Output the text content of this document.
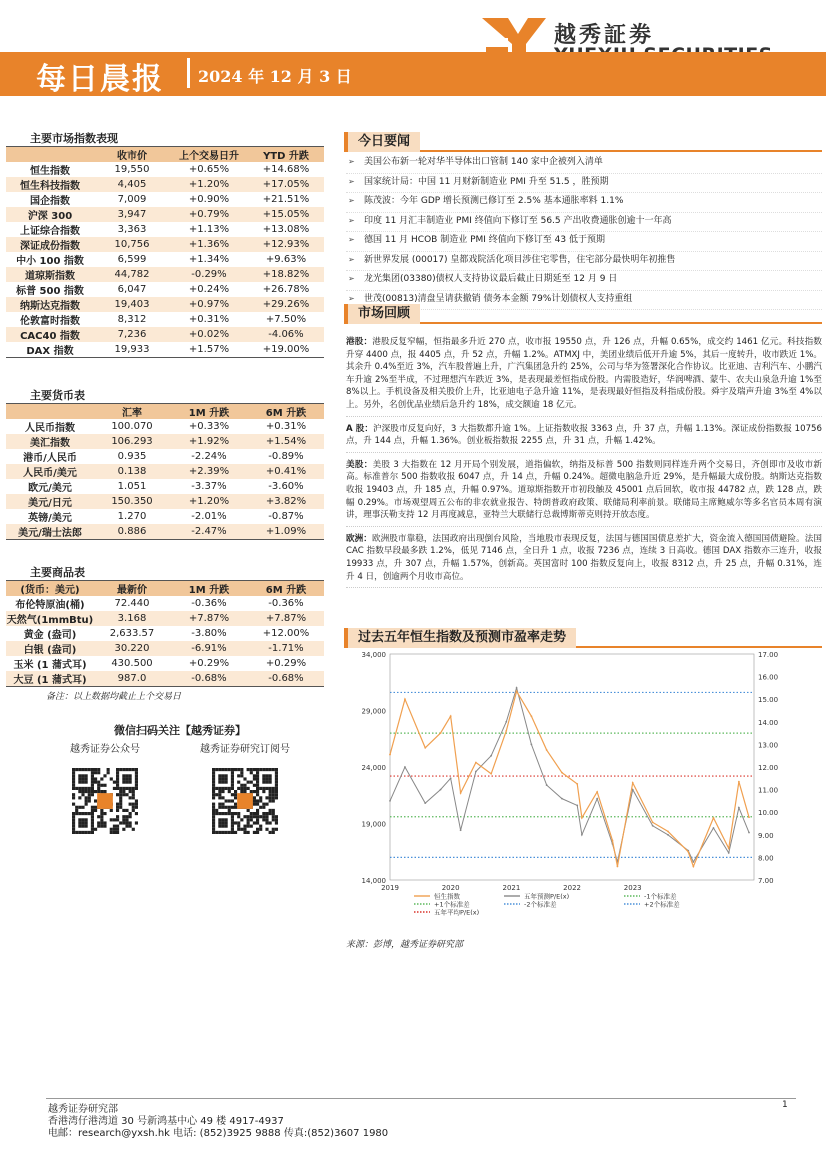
越秀証劵
每日晨报 2024 年 12 月 3 日
主要市场指数表现
	收市价	上个交易日升	YTD 升跌
恒生指数	19,550	+0.65%	+14.68%
恒生科技指数	4,405	+1.20%	+17.05%
国企指数	7,009	+0.90%	+21.51%
沪深 300	3,947	+0.79%	+15.05%
上证综合指数	3,363	+1.13%	+13.08%
深证成份指数	10,756	+1.36%	+12.93%
中小 100 指数	6,599	+1.34%	+9.63%
道琼斯指数	44,782	-0.29%	+18.82%
标普 500 指数	6,047	+0.24%	+26.78%
纳斯达克指数	19,403	+0.97%	+29.26%
伦敦富时指数	8,312	+0.31%	+7.50%
CAC40 指数	7,236	+0.02%	-4.06%
DAX 指数	19,933	+1.57%	+19.00%
主要货币表
	汇率	1M 升跌	6M 升跌
人民币指数	100.070	+0.33%	+0.31%
美汇指数	106.293	+1.92%	+1.54%
港币/人民币	0.935	-2.24%	-0.89%
人民币/美元	0.138	+2.39%	+0.41%
欧元/美元	1.051	-3.37%	-3.60%
美元/日元	150.350	+1.20%	+3.82%
英镑/美元	1.270	-2.01%	-0.87%
美元/瑞士法郎	0.886	-2.47%	+1.09%
主要商品表
(货币：美元)	最新价	1M 升跌	6M 升跌
布伦特原油(桶)	72.440	-0.36%	-0.36%
天然气(1mmBtu)	3.168	+7.87%	+7.87%
黄金 (盎司)	2,633.57	-3.80%	+12.00%
白银 (盎司)	30.220	-6.91%	-1.71%
玉米 (1 蒲式耳)	430.500	+0.29%	+0.29%
大豆 (1 蒲式耳)	987.0	-0.68%	-0.68%
备注：以上数据均截止上个交易日
微信扫码关注【越秀证券】
越秀证券公众号	越秀证券研究订阅号
今日要闻
➢ 美国公布新一轮对华半导体出口管制 140 家中企被列入清单
➢ 国家统计局：中国 11 月财新制造业 PMI 升至 51.5 ，胜预期
➢ 陈茂波：今年 GDP 增长预测已修订至 2.5% 基本通胀率料 1.1%
➢ 印度 11 月汇丰制造业 PMI 终值向下修订至 56.5 产出收费通胀创逾十一年高
➢ 德国 11 月 HCOB 制造业 PMI 终值向下修订至 43 低于预期
➢ 新世界发展 (00017) 皇都戏院活化项目涉住宅零售，住宅部分最快明年初推售
➢ 龙光集团(03380)债权人支持协议最后截止日期延至 12 月 9 日
➢ 世茂(00813)清盘呈请获撤销 债务本金额 79%计划债权人支持重组
市场回顾

港股：港股反复窄幅，恒指最多升近 270 点，收市报 19550 点，升 126 点，升幅 0.65%，成交约 1461 亿元。科技指数升穿 4400 点，报 4405 点，升 52 点，升幅 1.2%。ATMXJ 中，美团业绩后低开升逾 5%，其后一度转升，收市跌近 1%。其余升 0.4%至近 3%，汽车股普遍上升，广汽集团急升约 25%，公司与华为签署深化合作协议。比亚迪、吉利汽车、小鹏汽车升逾 2%至半成，不过理想汽车跌近 3%，是表现最差恒指成份股。内需股造好，华润啤酒、蒙牛、农夫山泉急升逾 1%至 8%以上。手机设备及相关股价上升，比亚迪电子急升逾 11%，是表现最好恒指及科指成份股。舜宇及瑞声升逾 3%至 4%以上。另外，名创优品业绩后急升约 18%，成交额逾 18 亿元。

A 股：沪深股市反复向好，3 大指数都升逾 1%。上证指数收报 3363 点，升 37 点，升幅 1.13%。深证成份指数报 10756 点，升 144 点，升幅 1.36%。创业板指数报 2255 点，升 31 点，升幅 1.42%。

美股：美股 3 大指数在 12 月开局个别发展，道指偏软，纳指及标普 500 指数则同样连升两个交易日，齐创即市及收市新高。标准普尔 500 指数收报 6047 点，升 14 点，升幅 0.24%。超微电脑急升近 29%，是升幅最大成份股。纳斯达克指数收报 19403 点，升 185 点，升幅 0.97%。道琼斯指数开市初段触及 45001 点后回软，收市报 44782 点，跌 128 点，跌幅 0.29%。市场观望周五公布的非农就业报告、特朗普政府政策、联储局利率前景。联储局主席鲍威尔等多名官员本周有演讲，理事沃勒支持 12 月再度减息，亚特兰大联储行总裁博斯蒂克则持开放态度。

欧洲：欧洲股市靠稳，法国政府出现倒台风险，当地股市表现反复，法国与德国国债息差扩大，资金流入德国国债避险。法国 CAC 指数早段最多跌 1.2%，低见 7146 点，全日升 1 点，收报 7236 点，连续 3 日高收。德国 DAX 指数亦三连升，收报 19933 点，升 307 点，升幅 1.57%，创新高。英国富时 100 指数反复向上，收报 8312 点，升 25 点，升幅 0.31%，连升 4 日，创逾两个月收市高位。

过去五年恒生指数及预测市盈率走势
14,000
19,000
24,000
29,000
34,000
7.00
8.00
9.00
10.00
11.00
12.00
13.00
14.00
15.00
16.00
17.00
2019	2020	2021	2022	2023
恒生指数	五年预测P/E(x)	-1个标准差
+1个标准差	-2个标准差	+2个标准差
五年平均P/E(x)
来源：彭博，越秀证券研究部
越秀证券研究部
香港湾仔港湾道 30 号新鸿基中心 49 楼 4917-4937
电邮：research@yxsh.hk 电话: (852)3925 9888 传真:(852)3607 1980
1
